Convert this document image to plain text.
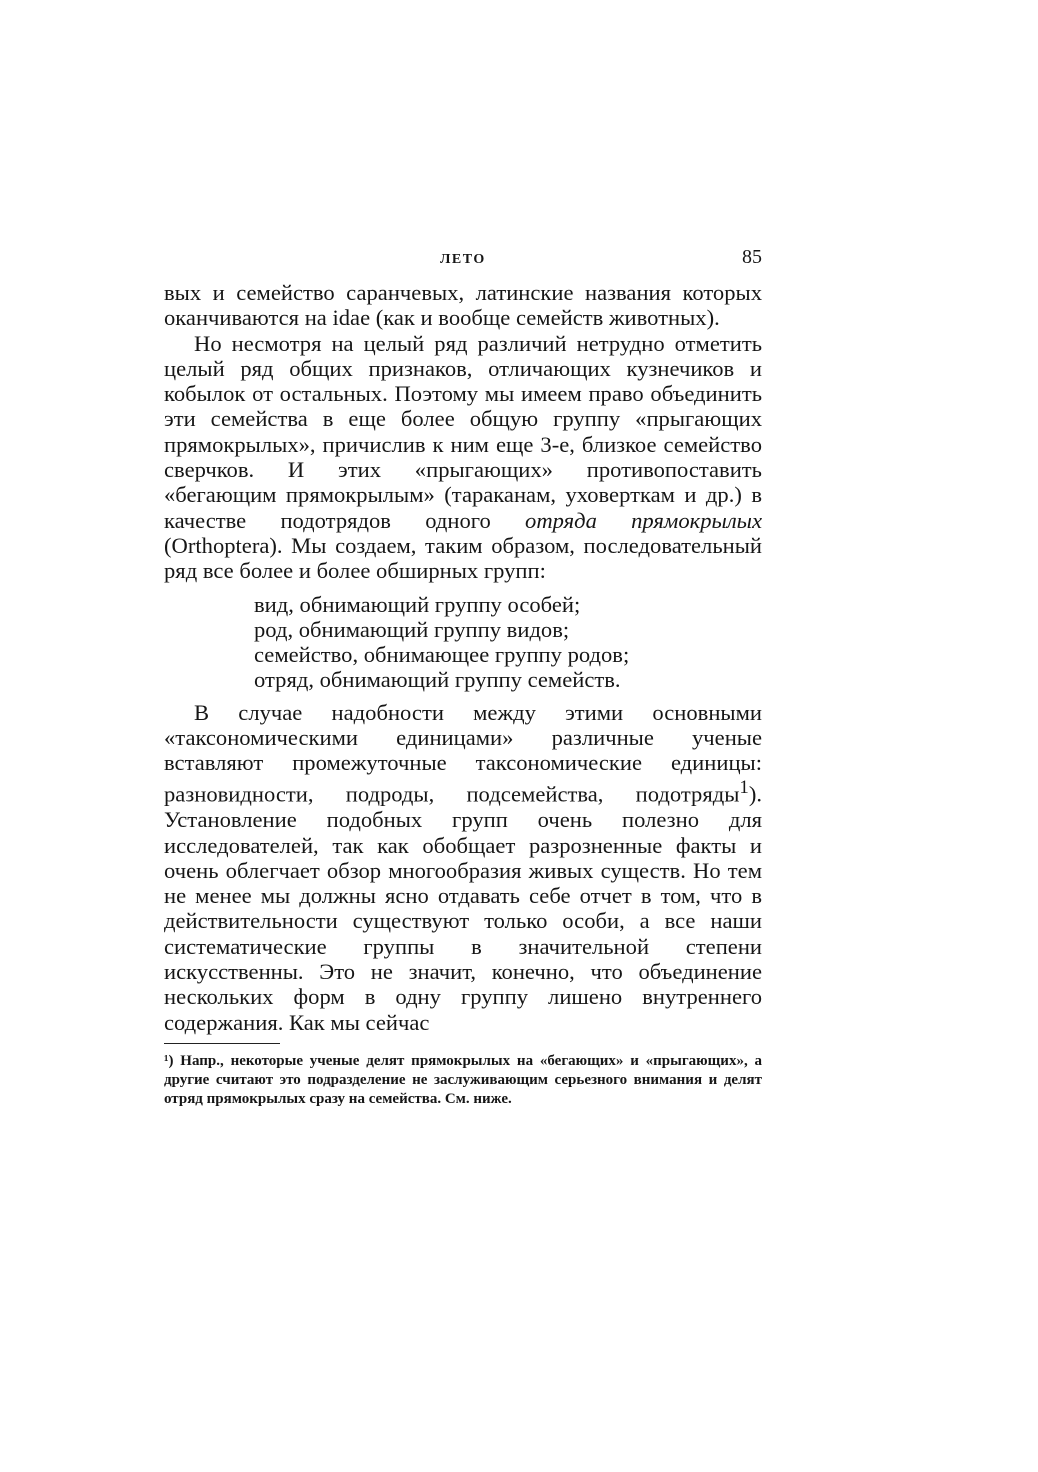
ЛЕТО	85

вых и семейство саранчевых, латинские названия которых оканчиваются на idae (как и вообще семейств животных).

Но несмотря на целый ряд различий нетрудно отметить целый ряд общих признаков, отличающих кузнечиков и кобылок от остальных. Поэтому мы имеем право объединить эти семейства в еще более общую группу «прыгающих прямокрылых», причислив к ним еще 3-е, близкое семейство сверчков. И этих «прыгающих» противопоставить «бегающим прямокрылым» (тараканам, уховерткам и др.) в качестве подотрядов одного отряда прямокрылых (Orthoptera). Мы создаем, таким образом, последовательный ряд все более и более обширных групп:

вид, обнимающий группу особей;
род, обнимающий группу видов;
семейство, обнимающее группу родов;
отряд, обнимающий группу семейств.

В случае надобности между этими основными «таксономическими единицами» различные ученые вставляют промежуточные таксономические единицы: разновидности, подроды, подсемейства, подотряды$^1$). Установление подобных групп очень полезно для исследователей, так как обобщает разрозненные факты и очень облегчает обзор многообразия живых существ. Но тем не менее мы должны ясно отдавать себе отчет в том, что в действительности существуют только особи, а все наши систематические группы в значительной степени искусственны. Это не значит, конечно, что объединение нескольких форм в одну группу лишено внутреннего содержания. Как мы сейчас

¹) Напр., некоторые ученые делят прямокрылых на «бегающих» и «прыгающих», а другие считают это подразделение не заслуживающим серьезного внимания и делят отряд прямокрылых сразу на семейства. См. ниже.
